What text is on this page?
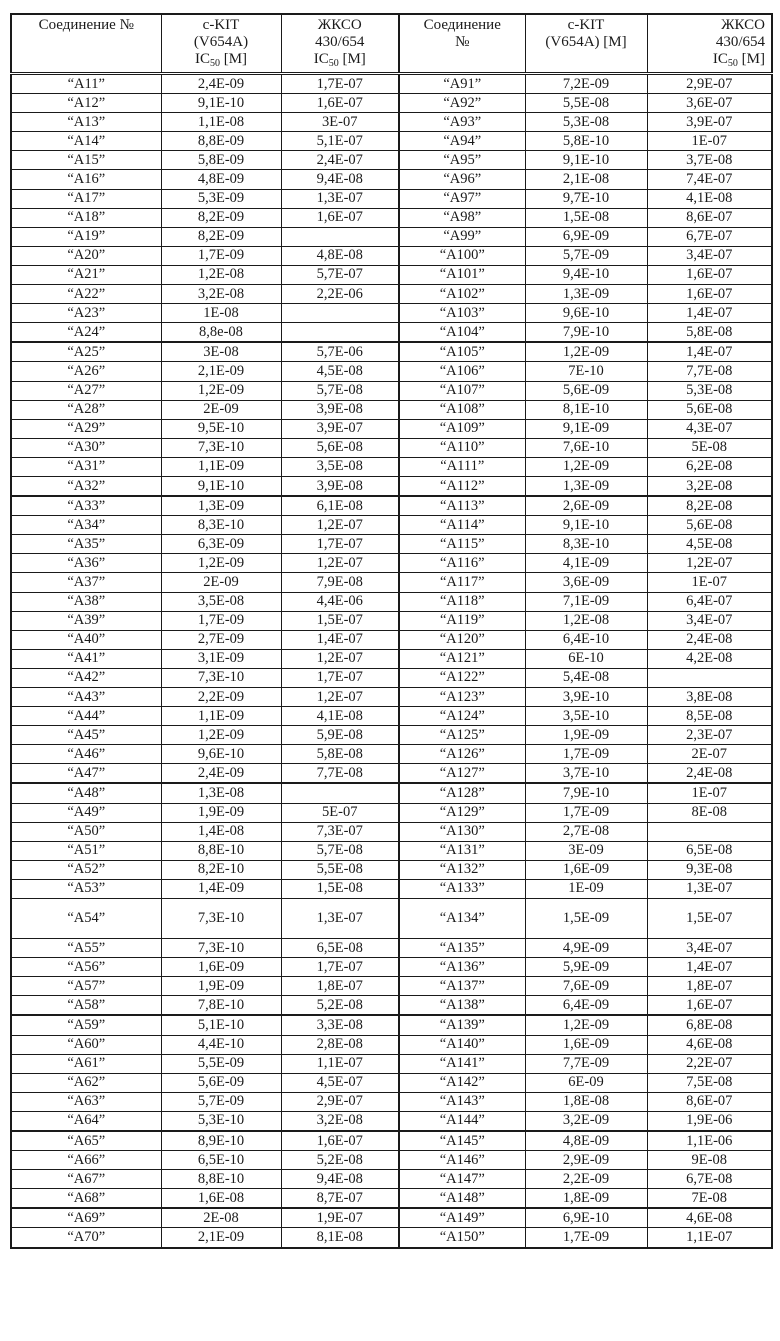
Соединение №	c-KIT
(V654A)
IC50 [M]

ЖКСО
430/654
IC50 [M]

Соединение
№

c-KIT
(V654A) [M]

ЖКСО
430/654
IC50 [M]

“A11”	2,4E-09	1,7E-07	“A91”	7,2E-09	2,9E-07
“A12”	9,1E-10	1,6E-07	“A92”	5,5E-08	3,6E-07
“A13”	1,1E-08	3E-07	“A93”	5,3E-08	3,9E-07
“A14”	8,8E-09	5,1E-07	“A94”	5,8E-10	1E-07
“A15”	5,8E-09	2,4E-07	“A95”	9,1E-10	3,7E-08
“A16”	4,8E-09	9,4E-08	“A96”	2,1E-08	7,4E-07
“A17”	5,3E-09	1,3E-07	“A97”	9,7E-10	4,1E-08
“A18”	8,2E-09	1,6E-07	“A98”	1,5E-08	8,6E-07
“A19”	8,2E-09		“A99”	6,9E-09	6,7E-07
“A20”	1,7E-09	4,8E-08	“A100”	5,7E-09	3,4E-07
“A21”	1,2E-08	5,7E-07	“A101”	9,4E-10	1,6E-07
“A22”	3,2E-08	2,2E-06	“A102”	1,3E-09	1,6E-07
“A23”	1E-08		“A103”	9,6E-10	1,4E-07
“A24”	8,8e-08		“A104”	7,9E-10	5,8E-08
“A25”	3E-08	5,7E-06	“A105”	1,2E-09	1,4E-07
“A26”	2,1E-09	4,5E-08	“A106”	7E-10	7,7E-08
“A27”	1,2E-09	5,7E-08	“A107”	5,6E-09	5,3E-08
“A28”	2E-09	3,9E-08	“A108”	8,1E-10	5,6E-08
“A29”	9,5E-10	3,9E-07	“A109”	9,1E-09	4,3E-07
“A30”	7,3E-10	5,6E-08	“A110”	7,6E-10	5E-08
“A31”	1,1E-09	3,5E-08	“A111”	1,2E-09	6,2E-08
“A32”	9,1E-10	3,9E-08	“A112”	1,3E-09	3,2E-08
“A33”	1,3E-09	6,1E-08	“A113”	2,6E-09	8,2E-08
“A34”	8,3E-10	1,2E-07	“A114”	9,1E-10	5,6E-08
“A35”	6,3E-09	1,7E-07	“A115”	8,3E-10	4,5E-08
“A36”	1,2E-09	1,2E-07	“A116”	4,1E-09	1,2E-07
“A37”	2E-09	7,9E-08	“A117”	3,6E-09	1E-07
“A38”	3,5E-08	4,4E-06	“A118”	7,1E-09	6,4E-07
“A39”	1,7E-09	1,5E-07	“A119”	1,2E-08	3,4E-07
“A40”	2,7E-09	1,4E-07	“A120”	6,4E-10	2,4E-08
“A41”	3,1E-09	1,2E-07	“A121”	6E-10	4,2E-08
“A42”	7,3E-10	1,7E-07	“A122”	5,4E-08	
“A43”	2,2E-09	1,2E-07	“A123”	3,9E-10	3,8E-08
“A44”	1,1E-09	4,1E-08	“A124”	3,5E-10	8,5E-08
“A45”	1,2E-09	5,9E-08	“A125”	1,9E-09	2,3E-07
“A46”	9,6E-10	5,8E-08	“A126”	1,7E-09	2E-07
“A47”	2,4E-09	7,7E-08	“A127”	3,7E-10	2,4E-08
“A48”	1,3E-08		“A128”	7,9E-10	1E-07
“A49”	1,9E-09	5E-07	“A129”	1,7E-09	8E-08
“A50”	1,4E-08	7,3E-07	“A130”	2,7E-08	
“A51”	8,8E-10	5,7E-08	“A131”	3E-09	6,5E-08
“A52”	8,2E-10	5,5E-08	“A132”	1,6E-09	9,3E-08
“A53”	1,4E-09	1,5E-08	“A133”	1E-09	1,3E-07
“A54”	7,3E-10	1,3E-07	“A134”	1,5E-09	1,5E-07
“A55”	7,3E-10	6,5E-08	“A135”	4,9E-09	3,4E-07
“A56”	1,6E-09	1,7E-07	“A136”	5,9E-09	1,4E-07
“A57”	1,9E-09	1,8E-07	“A137”	7,6E-09	1,8E-07
“A58”	7,8E-10	5,2E-08	“A138”	6,4E-09	1,6E-07
“A59”	5,1E-10	3,3E-08	“A139”	1,2E-09	6,8E-08
“A60”	4,4E-10	2,8E-08	“A140”	1,6E-09	4,6E-08
“A61”	5,5E-09	1,1E-07	“A141”	7,7E-09	2,2E-07
“A62”	5,6E-09	4,5E-07	“A142”	6E-09	7,5E-08
“A63”	5,7E-09	2,9E-07	“A143”	1,8E-08	8,6E-07
“A64”	5,3E-10	3,2E-08	“A144”	3,2E-09	1,9E-06
“A65”	8,9E-10	1,6E-07	“A145”	4,8E-09	1,1E-06
“A66”	6,5E-10	5,2E-08	“A146”	2,9E-09	9E-08
“A67”	8,8E-10	9,4E-08	“A147”	2,2E-09	6,7E-08
“A68”	1,6E-08	8,7E-07	“A148”	1,8E-09	7E-08
“A69”	2E-08	1,9E-07	“A149”	6,9E-10	4,6E-08
“A70”	2,1E-09	8,1E-08	“A150”	1,7E-09	1,1E-07
